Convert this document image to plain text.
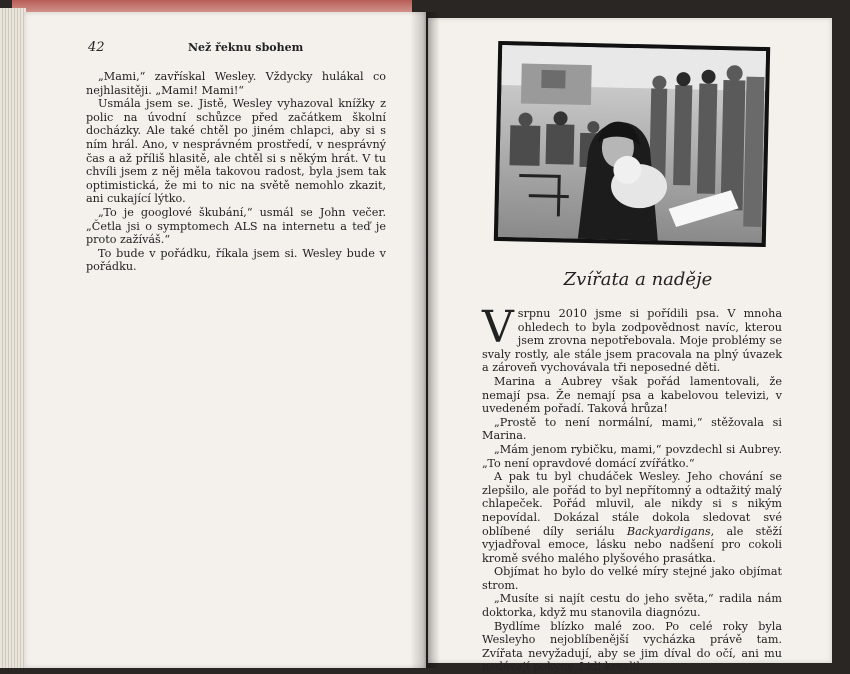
42	Než řeknu sbohem

„Mami,“ zavřískal Wesley. Vždycky hulákal co nejhlasitěji. „Mami! Mami!“

Usmála jsem se. Jistě, Wesley vyhazoval knížky z polic na úvodní schůzce před začátkem školní docházky. Ale také chtěl po jiném chlapci, aby si s ním hrál. Ano, v nesprávném prostředí, v nesprávný čas a až příliš hlasitě, ale chtěl si s někým hrát. V tu chvíli jsem z něj měla takovou radost, byla jsem tak optimistická, že mi to nic na světě nemohlo zkazit, ani cukající lýtko.

„To je googlové škubání,“ usmál se John večer. „Četla jsi o symptomech ALS na internetu a teď je proto zažíváš.“

To bude v pořádku, říkala jsem si. Wesley bude v pořádku.

Zvířata a naděje

Vsrpnu 2010 jsme si pořídili psa. V mnoha ohledech to byla zodpovědnost navíc, kterou jsem zrovna nepotřebovala. Moje problémy se svaly rostly, ale stále jsem pracovala na plný úvazek a zároveň vychovávala tři neposedné děti.

Marina a Aubrey však pořád lamentovali, že nemají psa. Že nemají psa a kabelovou televizi, v uvedeném pořadí. Taková hrůza!

„Prostě to není normální, mami,“ stěžovala si Marina.

„Mám jenom rybičku, mami,“ povzdechl si Aubrey. „To není opravdové domácí zvířátko.“

A pak tu byl chudáček Wesley. Jeho chování se zlepšilo, ale pořád to byl nepřítomný a odtažitý malý chlapeček. Pořád mluvil, ale nikdy si s nikým nepovídal. Dokázal stále dokola sledovat své oblíbené díly seriálu Backyardigans, ale stěží vyjadřoval emoce, lásku nebo nadšení pro cokoli kromě svého malého plyšového prasátka.

Objímat ho bylo do velké míry stejné jako objímat strom.

„Musíte si najít cestu do jeho světa,“ radila nám doktorka, když mu stanovila diagnózu.

Bydlíme blízko malé zoo. Po celé roky byla Wesleyho nejoblíbenější vycházka právě tam. Zvířata nevyžadují, aby se jim díval do očí, ani mu nedávají pokyny. Lidi kreslil
